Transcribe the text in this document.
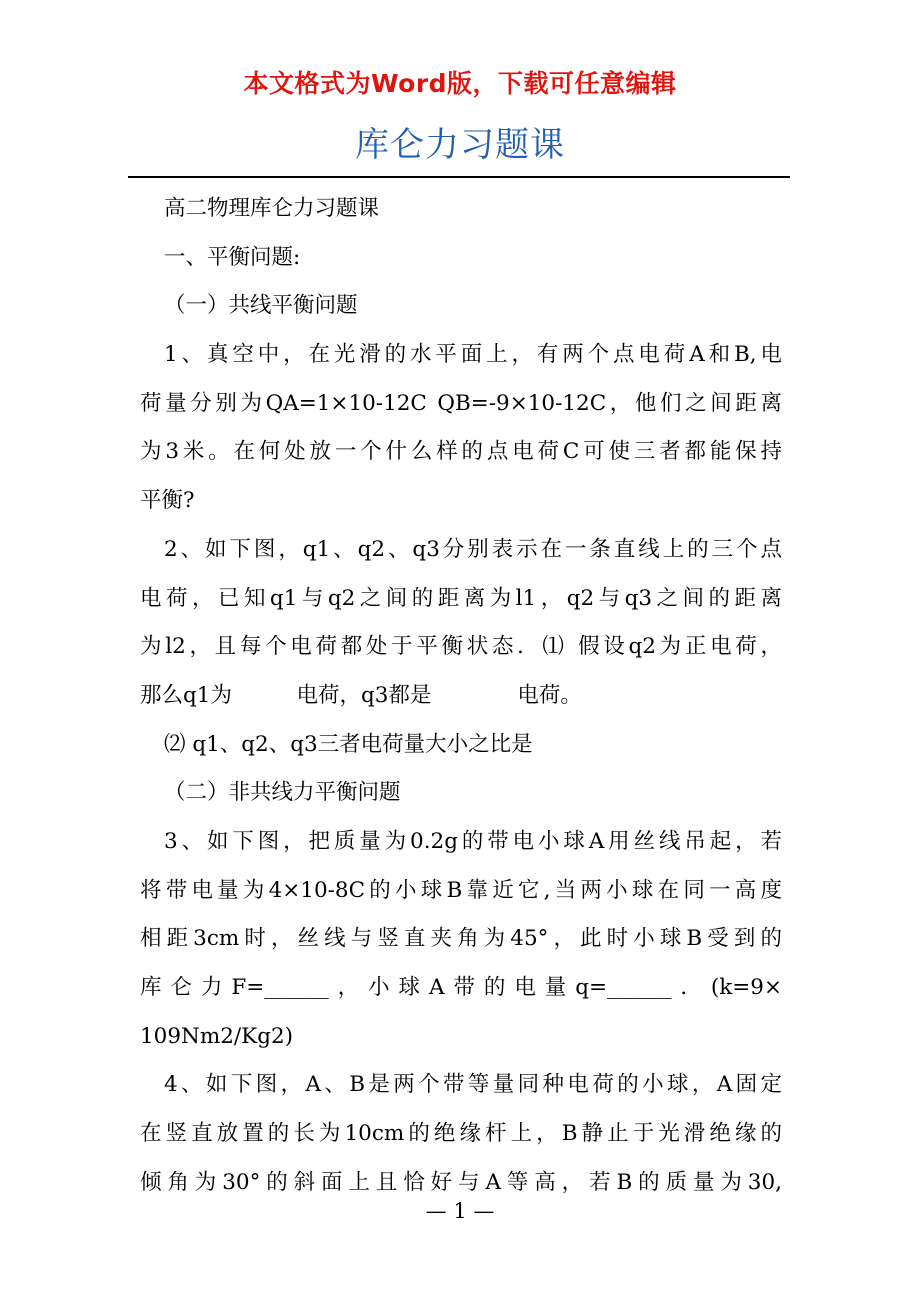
本文格式为Word版，下载可任意编辑
库仑力习题课
高二物理库仑力习题课
一、平衡问题:
（一）共线平衡问题
1、真空中，在光滑的水平面上，有两个点电荷A和B,电
荷量分别为QA=1×10-12C QB=-9×10-12C，他们之间距离
为3米。在何处放一个什么样的点电荷C可使三者都能保持
平衡?
2、如下图，q1、q2、q3分别表示在一条直线上的三个点
电荷，已知q1与q2之间的距离为l1，q2与q3之间的距离
为l2，且每个电荷都处于平衡状态．⑴ 假设q2为正电荷，
那么q1为　　　电荷，q3都是　　　　电荷。
⑵ q1、q2、q3三者电荷量大小之比是
（二）非共线力平衡问题
3、如下图，把质量为0.2g的带电小球A用丝线吊起，若
将带电量为4×10-8C的小球B靠近它,当两小球在同一高度
相距3cm时，丝线与竖直夹角为45°，此时小球B受到的
库仑力F=______，小球A带的电量q=______．(k=9×
109Nm2/Kg2)
4、如下图，A、B是两个带等量同种电荷的小球，A固定
在竖直放置的长为10cm的绝缘杆上，B静止于光滑绝缘的
倾角为30°的斜面上且恰好与A等高，若B的质量为30,
— 1 —
